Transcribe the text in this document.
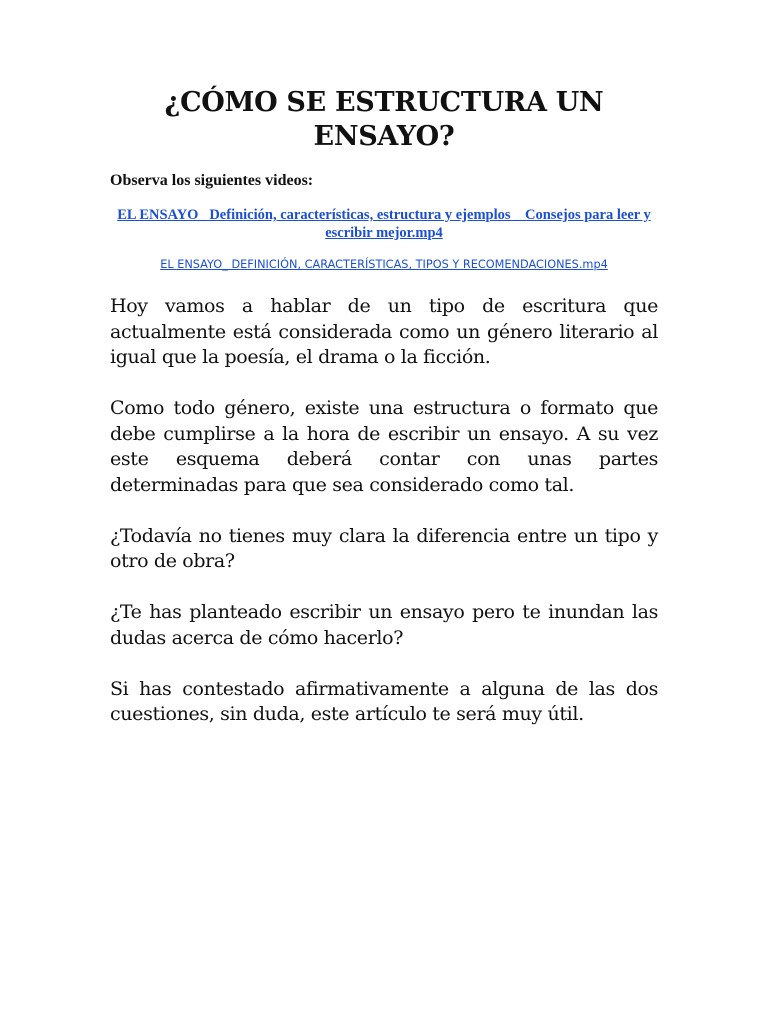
¿CÓMO SE ESTRUCTURA UN ENSAYO?

Observa los siguientes videos:

EL ENSAYO_ Definición, características, estructura y ejemplos _ Consejos para leer y escribir mejor.mp4
EL ENSAYO_ DEFINICIÓN, CARACTERÍSTICAS, TIPOS Y RECOMENDACIONES.mp4

Hoy vamos a hablar de un tipo de escritura que actualmente está considerada como un género literario al igual que la poesía, el drama o la ficción.

Como todo género, existe una estructura o formato que debe cumplirse a la hora de escribir un ensayo. A su vez este esquema deberá contar con unas partes determinadas para que sea considerado como tal.

¿Todavía no tienes muy clara la diferencia entre un tipo y otro de obra?

¿Te has planteado escribir un ensayo pero te inundan las dudas acerca de cómo hacerlo?

Si has contestado afirmativamente a alguna de las dos cuestiones, sin duda, este artículo te será muy útil.
